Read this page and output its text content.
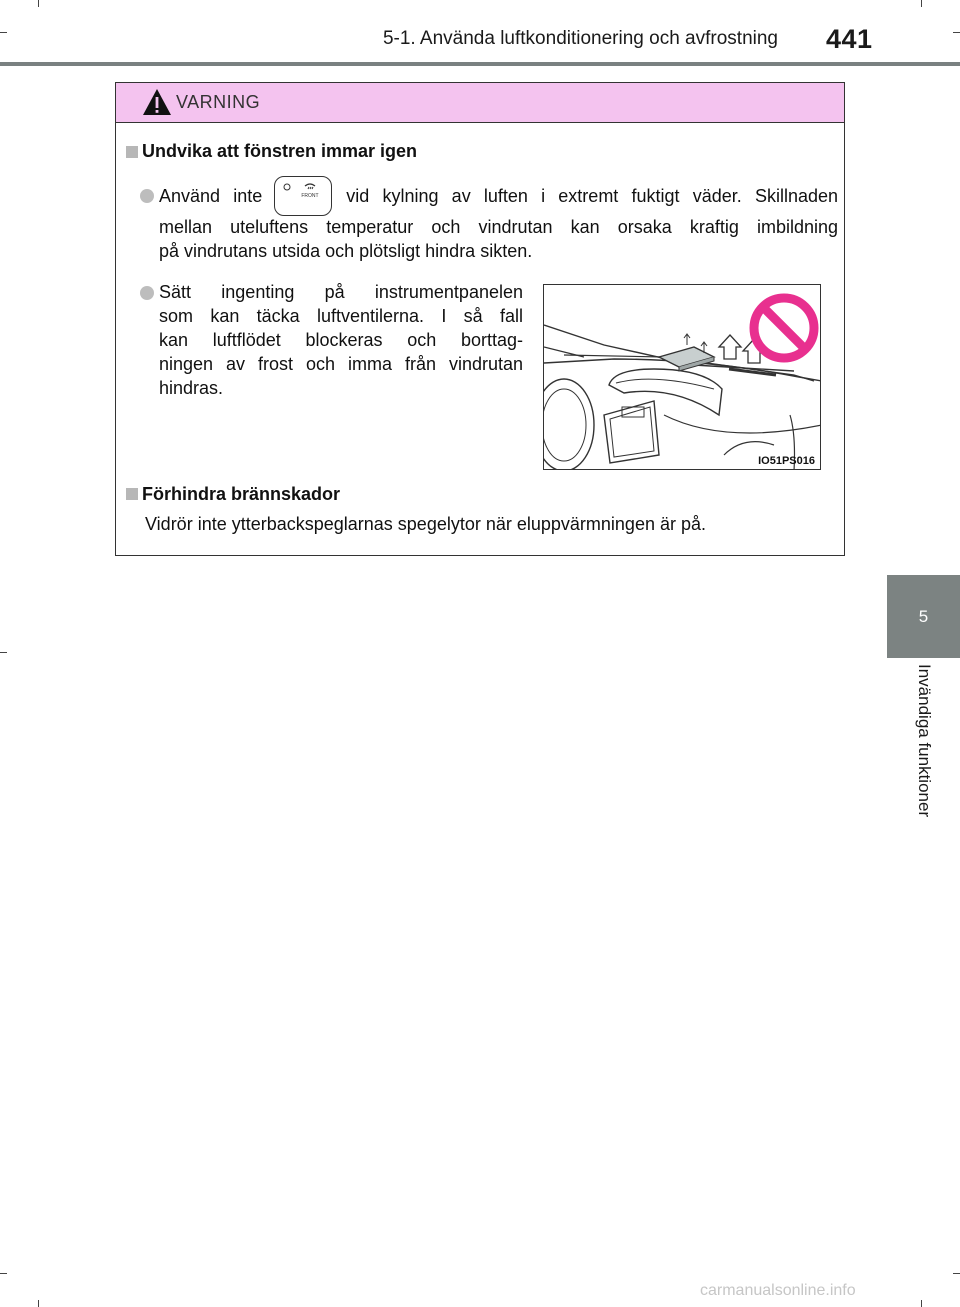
5-1. Använda luftkonditionering och avfrostning 441
5
Invändiga funktioner
VARNING
Undvika att fönstren immar igen
Använd inte	FRONT vid kylning av luften i extremt fuktigt väder. Skillnaden
mellan uteluftens temperatur och vindrutan kan orsaka kraftig imbildning
på vindrutans utsida och plötsligt hindra sikten.
Sätt ingenting på instrumentpanelen
som kan täcka luftventilerna. I så fall
kan luftflödet blockeras och borttag-
ningen av frost och imma från vindrutan
hindras.
Förhindra brännskador
Vidrör inte ytterbackspeglarnas spegelytor när eluppvärmningen är på.
IO51PS016
carmanualsonline.info
